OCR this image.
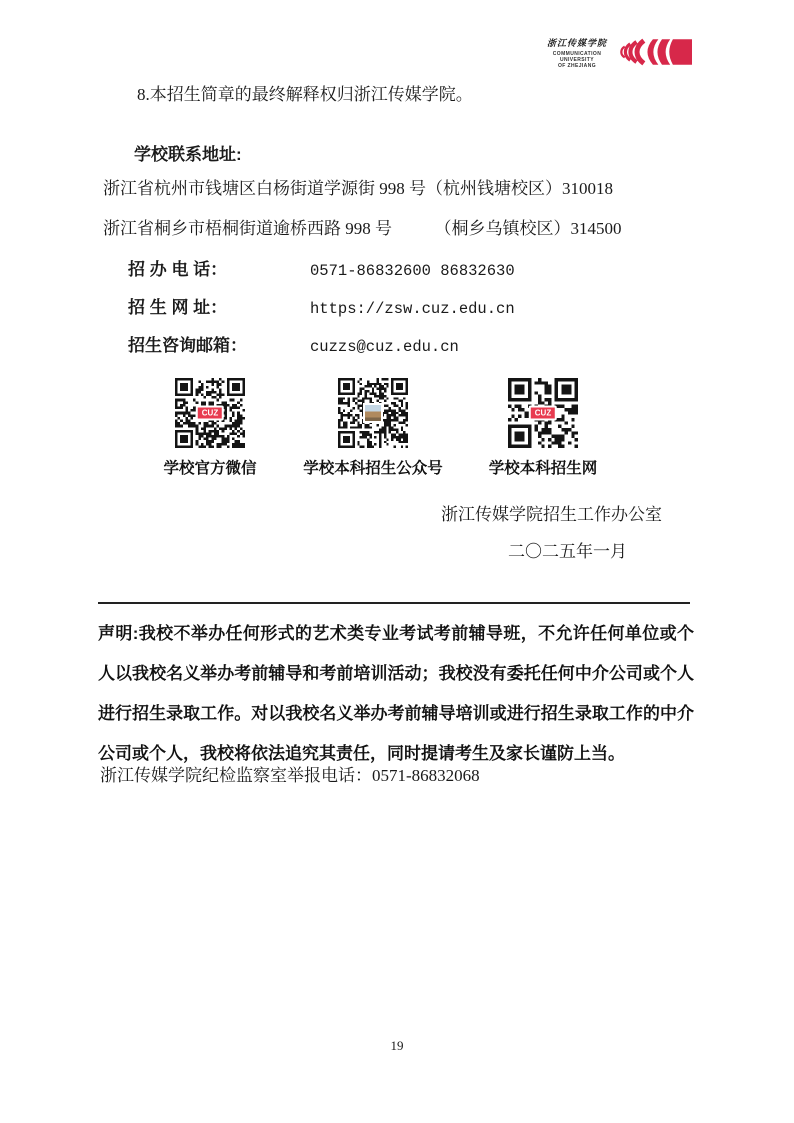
浙江传媒学院
COMMUNICATION
UNIVERSITY
OF ZHEJIANG
8.本招生简章的最终解释权归浙江传媒学院。
学校联系地址:
浙江省杭州市钱塘区白杨街道学源街 998 号（杭州钱塘校区）310018
浙江省桐乡市梧桐街道逾桥西路 998 号　　　（桐乡乌镇校区）314500
招 办 电 话：	0571-86832600 86832630
招 生 网 址：	https://zsw.cuz.edu.cn
招生咨询邮箱：	cuzzs@cuz.edu.cn
CUZ
学校官方微信	学校本科招生公众号
CUZ
学校本科招生网
浙江传媒学院招生工作办公室
二〇二五年一月
声明:我校不举办任何形式的艺术类专业考试考前辅导班，不允许任何单位或个人以我校名义举办考前辅导和考前培训活动；我校没有委托任何中介公司或个人进行招生录取工作。对以我校名义举办考前辅导培训或进行招生录取工作的中介公司或个人，我校将依法追究其责任，同时提请考生及家长谨防上当。
浙江传媒学院纪检监察室举报电话：0571-86832068
19
